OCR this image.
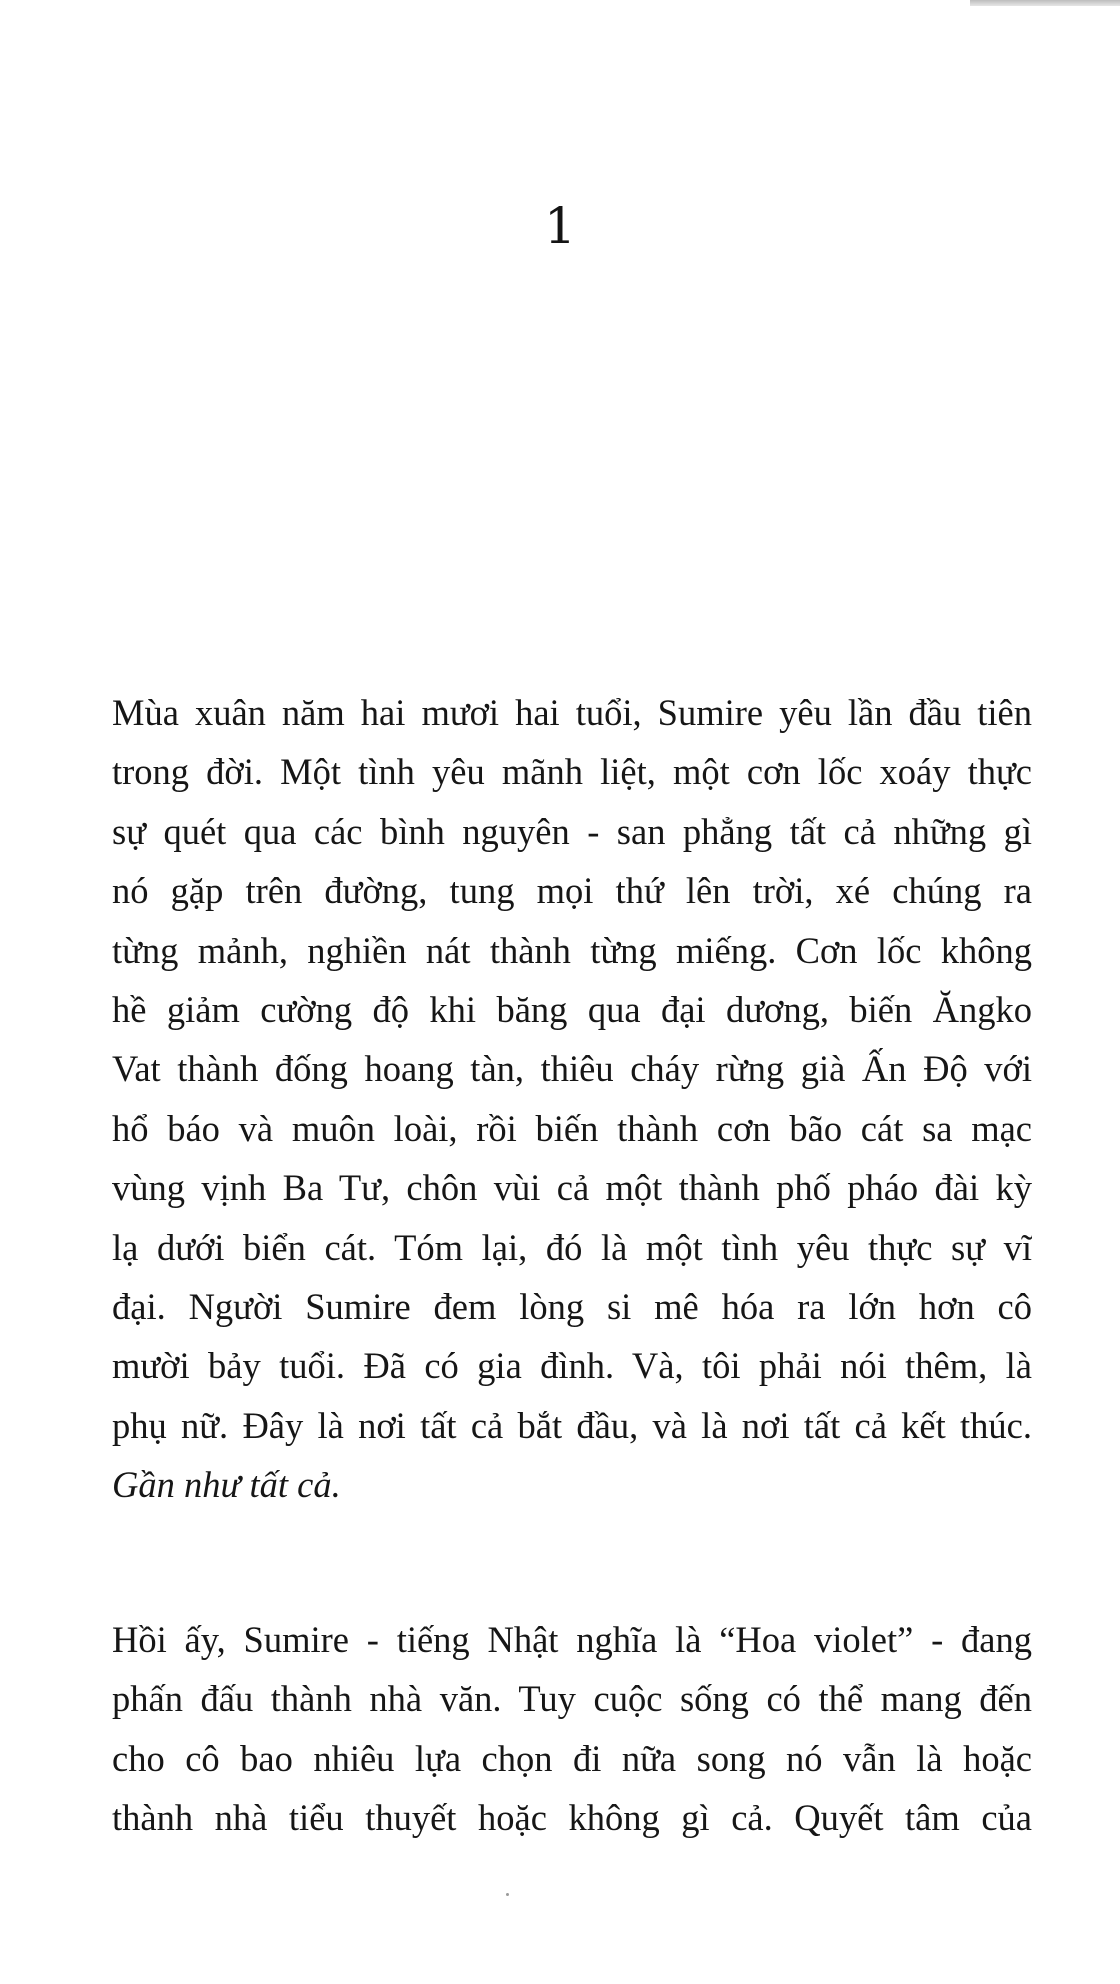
1
Mùa xuân năm hai mươi hai tuổi, Sumire yêu lần đầu tiên
trong đời. Một tình yêu mãnh liệt, một cơn lốc xoáy thực
sự quét qua các bình nguyên - san phẳng tất cả những gì
nó gặp trên đường, tung mọi thứ lên trời, xé chúng ra
từng mảnh, nghiền nát thành từng miếng. Cơn lốc không
hề giảm cường độ khi băng qua đại dương, biến Ăngko
Vat thành đống hoang tàn, thiêu cháy rừng già Ấn Độ với
hổ báo và muôn loài, rồi biến thành cơn bão cát sa mạc
vùng vịnh Ba Tư, chôn vùi cả một thành phố pháo đài kỳ
lạ dưới biển cát. Tóm lại, đó là một tình yêu thực sự vĩ
đại. Người Sumire đem lòng si mê hóa ra lớn hơn cô
mười bảy tuổi. Đã có gia đình. Và, tôi phải nói thêm, là
phụ nữ. Đây là nơi tất cả bắt đầu, và là nơi tất cả kết thúc.
Gần như tất cả.
Hồi ấy, Sumire - tiếng Nhật nghĩa là “Hoa violet” - đang
phấn đấu thành nhà văn. Tuy cuộc sống có thể mang đến
cho cô bao nhiêu lựa chọn đi nữa song nó vẫn là hoặc
thành nhà tiểu thuyết hoặc không gì cả. Quyết tâm của
